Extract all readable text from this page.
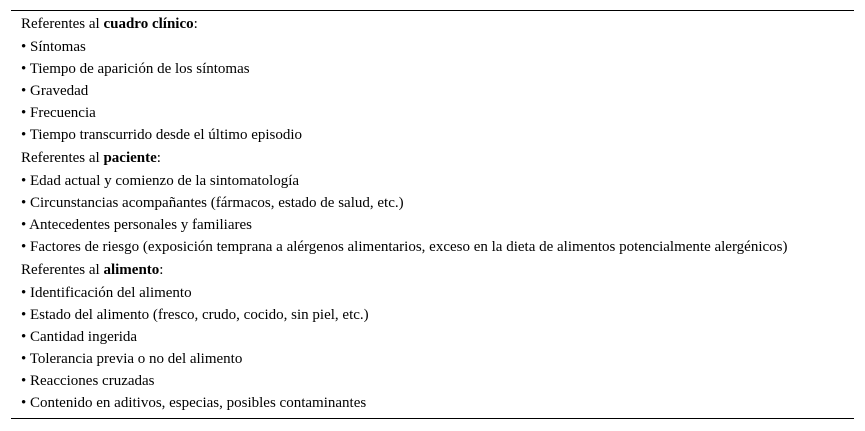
Referentes al cuadro clínico:
• Síntomas
• Tiempo de aparición de los síntomas
• Gravedad
• Frecuencia
• Tiempo transcurrido desde el último episodio
Referentes al paciente:
• Edad actual y comienzo de la sintomatología
• Circunstancias acompañantes (fármacos, estado de salud, etc.)
• Antecedentes personales y familiares
• Factores de riesgo (exposición temprana a alérgenos alimentarios, exceso en la dieta de alimentos potencialmente alergénicos)
Referentes al alimento:
• Identificación del alimento
• Estado del alimento (fresco, crudo, cocido, sin piel, etc.)
• Cantidad ingerida
• Tolerancia previa o no del alimento
• Reacciones cruzadas
• Contenido en aditivos, especias, posibles contaminantes
